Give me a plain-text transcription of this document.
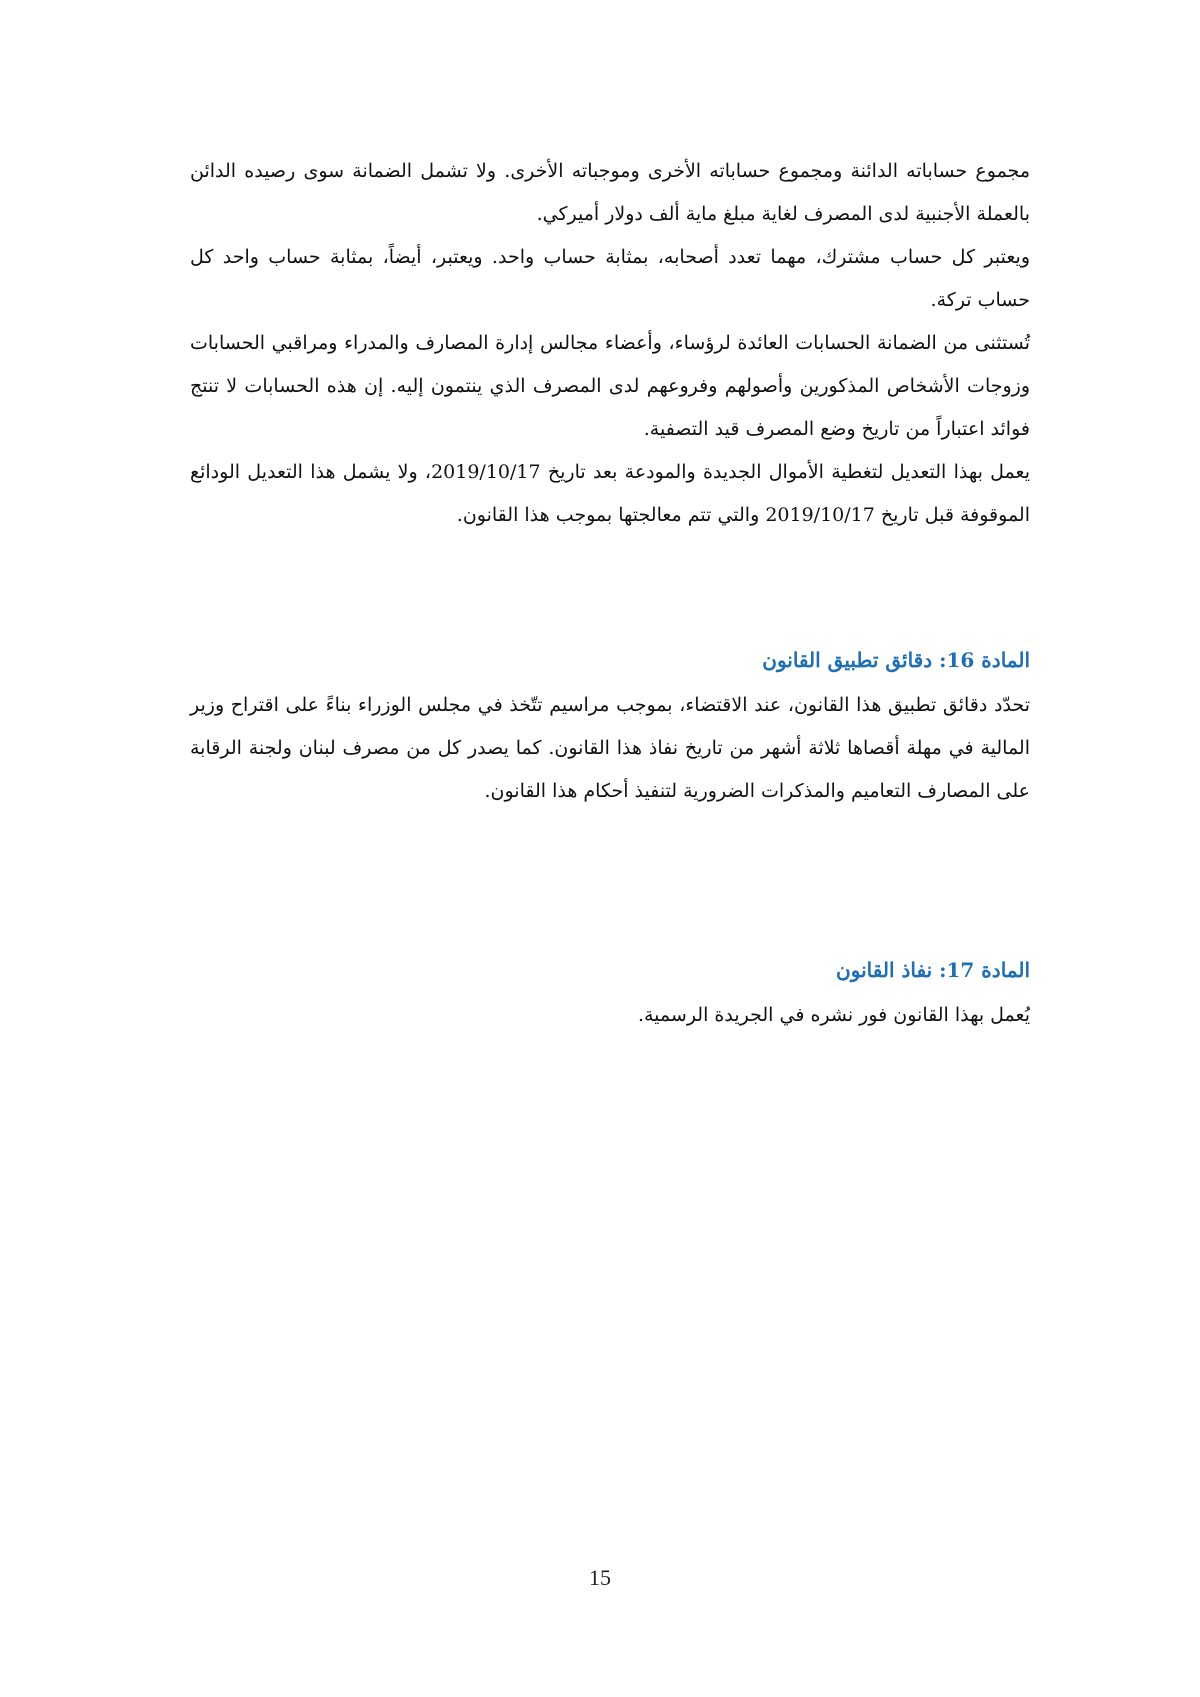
مجموع حساباته الدائنة ومجموع حساباته الأخرى وموجباته الأخرى. ولا تشمل الضمانة سوى رصيده الدائن بالعملة الأجنبية لدى المصرف لغاية مبلغ ماية ألف دولار أميركي.

ويعتبر كل حساب مشترك، مهما تعدد أصحابه، بمثابة حساب واحد. ويعتبر، أيضاً، بمثابة حساب واحد كل حساب تركة.

تُستثنى من الضمانة الحسابات العائدة لرؤساء، وأعضاء مجالس إدارة المصارف والمدراء ومراقبي الحسابات وزوجات الأشخاص المذكورين وأصولهم وفروعهم لدى المصرف الذي ينتمون إليه. إن هذه الحسابات لا تنتج فوائد اعتباراً من تاريخ وضع المصرف قيد التصفية.

يعمل بهذا التعديل لتغطية الأموال الجديدة والمودعة بعد تاريخ 2019/10/17، ولا يشمل هذا التعديل الودائع الموقوفة قبل تاريخ 2019/10/17 والتي تتم معالجتها بموجب هذا القانون.

المادة 16: دقائق تطبيق القانون

تحدّد دقائق تطبيق هذا القانون، عند الاقتضاء، بموجب مراسيم تتّخذ في مجلس الوزراء بناءً على اقتراح وزير المالية في مهلة أقصاها ثلاثة أشهر من تاريخ نفاذ هذا القانون. كما يصدر كل من مصرف لبنان ولجنة الرقابة على المصارف التعاميم والمذكرات الضرورية لتنفيذ أحكام هذا القانون.

المادة 17: نفاذ القانون

يُعمل بهذا القانون فور نشره في الجريدة الرسمية.

15
